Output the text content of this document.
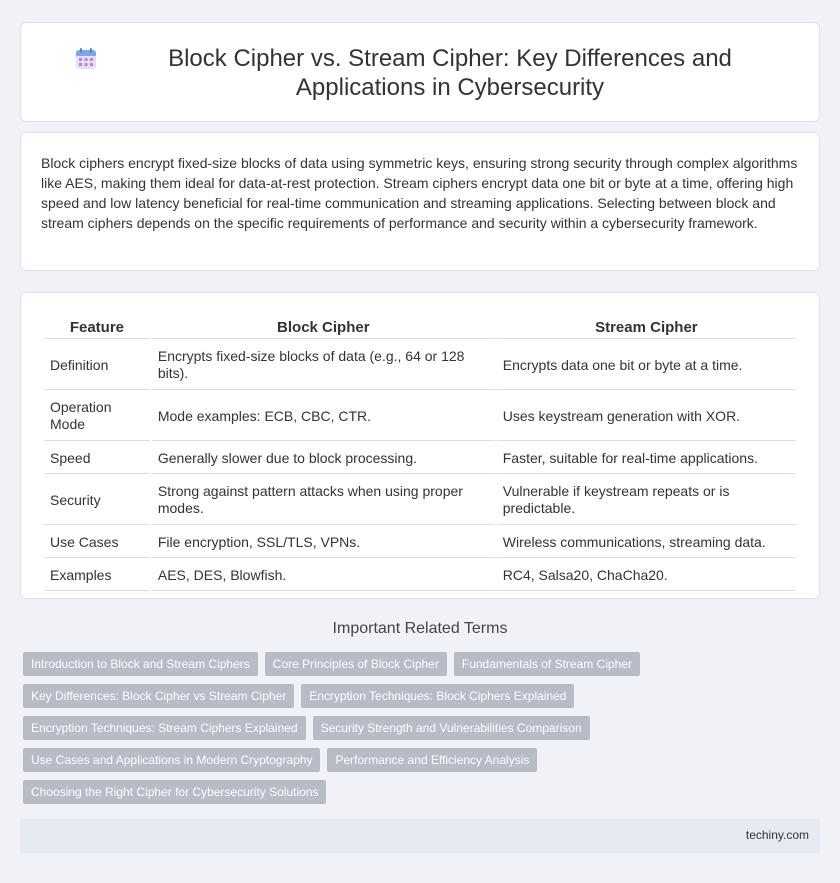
Block Cipher vs. Stream Cipher: Key Differences and Applications in Cybersecurity

Block ciphers encrypt fixed-size blocks of data using symmetric keys, ensuring strong security through complex algorithms like AES, making them ideal for data-at-rest protection. Stream ciphers encrypt data one bit or byte at a time, offering high speed and low latency beneficial for real-time communication and streaming applications. Selecting between block and stream ciphers depends on the specific requirements of performance and security within a cybersecurity framework.

Feature	Block Cipher	Stream Cipher
Definition	Encrypts fixed-size blocks of data (e.g., 64 or 128 bits).	Encrypts data one bit or byte at a time.
Operation Mode	Mode examples: ECB, CBC, CTR.	Uses keystream generation with XOR.
Speed	Generally slower due to block processing.	Faster, suitable for real-time applications.
Security	Strong against pattern attacks when using proper modes.	Vulnerable if keystream repeats or is predictable.
Use Cases	File encryption, SSL/TLS, VPNs.	Wireless communications, streaming data.
Examples	AES, DES, Blowfish.	RC4, Salsa20, ChaCha20.
Important Related Terms
Introduction to Block and Stream Ciphers	Core Principles of Block Cipher	Fundamentals of Stream Cipher
Key Differences: Block Cipher vs Stream Cipher	Encryption Techniques: Block Ciphers Explained
Encryption Techniques: Stream Ciphers Explained	Security Strength and Vulnerabilities Comparison
Use Cases and Applications in Modern Cryptography	Performance and Efficiency Analysis
Choosing the Right Cipher for Cybersecurity Solutions
techiny.com
